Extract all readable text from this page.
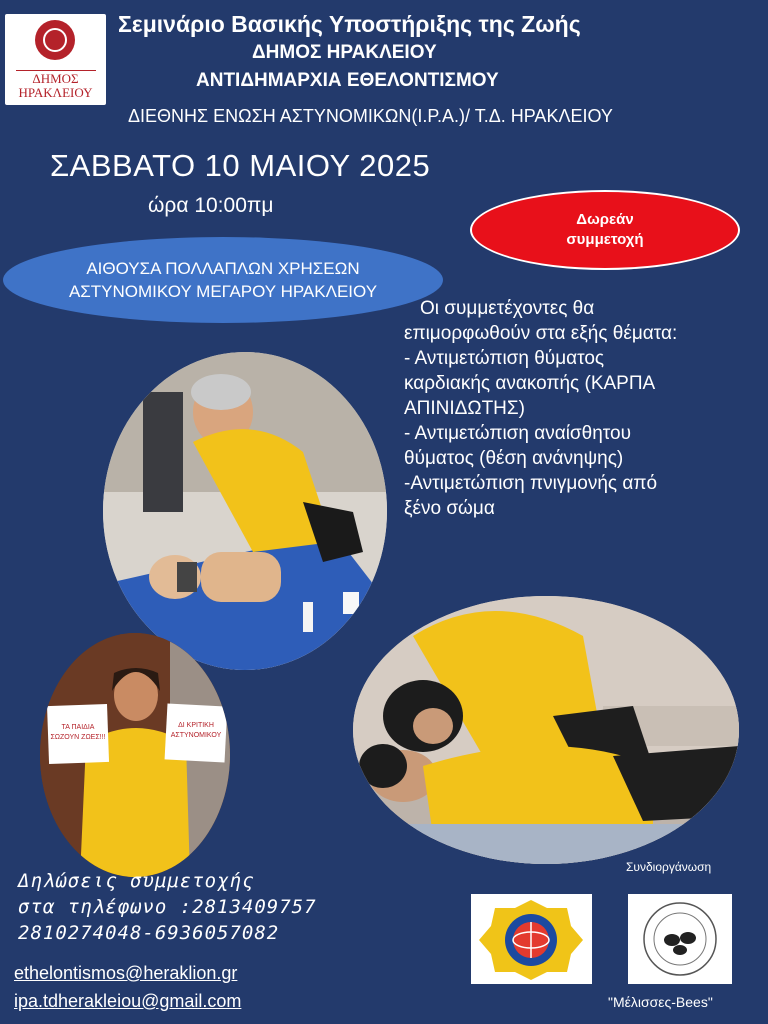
ΔΗΜΟΣ
ΗΡΑΚΛΕΙΟΥ
Σεμινάριο Βασικής Υποστήριξης της Ζωής
ΔΗΜΟΣ ΗΡΑΚΛΕΙΟΥ
ΑΝΤΙΔΗΜΑΡΧΙΑ ΕΘΕΛΟΝΤΙΣΜΟΥ
ΔΙΕΘΝΗΣ ΕΝΩΣΗ ΑΣΤΥΝΟΜΙΚΩΝ(Ι.Ρ.Α.)/ Τ.Δ. ΗΡΑΚΛΕΙΟΥ
ΣΑΒΒΑΤΟ 10 ΜΑΙΟΥ 2025
ώρα 10:00πμ
Δωρεάν
συμμετοχή
ΑΙΘΟΥΣΑ ΠΟΛΛΑΠΛΩΝ ΧΡΗΣΕΩΝ
ΑΣΤΥΝΟΜΙΚΟΥ ΜΕΓΑΡΟΥ ΗΡΑΚΛΕΙΟΥ

Οι συμμετέχοντες θα

επιμορφωθούν στα εξής θέματα:

- Αντιμετώπιση θύματος

καρδιακής ανακοπής (ΚΑΡΠΑ

ΑΠΙΝΙΔΩΤΗΣ)

- Αντιμετώπιση αναίσθητου

θύματος (θέση ανάνηψης)

-Αντιμετώπιση πνιγμονής από

ξένο σώμα

ΤΑ ΠΑΙΔΙΑ
ΣΩΖΟΥΝ ΖΩΕΣ!!!
ΔΙ ΚΡΙΤΙΚΗ
ΑΣΤΥΝΟΜΙΚΟΥ
Δηλώσεις συμμετοχής
στα τηλέφωνο :2813409757
2810274048-6936057082
ethelontismos@heraklion.gr
ipa.tdherakleiou@gmail.com
Συνδιοργάνωση
"Μέλισσες-Bees"
